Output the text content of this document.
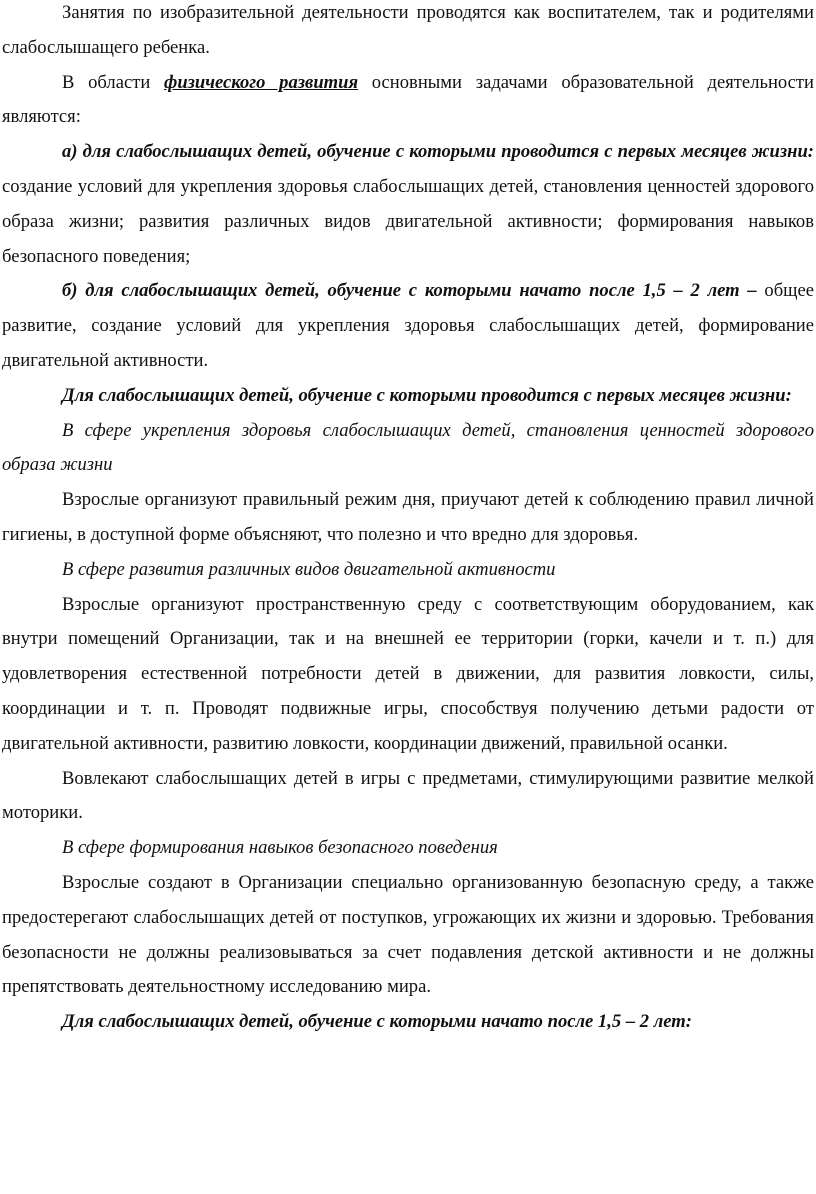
Занятия по изобразительной деятельности проводятся как воспитателем, так и родителями слабослышащего ребенка.

В области физического развития основными задачами образовательной деятельности являются:

а) для слабослышащих детей, обучение с которыми проводится с первых месяцев жизни: создание условий для укрепления здоровья слабослышащих детей, становления ценностей здорового образа жизни; развития различных видов двигательной активности; формирования навыков безопасного поведения;

б) для слабослышащих детей, обучение с которыми начато после 1,5 – 2 лет – общее развитие, создание условий для укрепления здоровья слабослышащих детей, формирование двигательной активности.

Для слабослышащих детей, обучение с которыми проводится с первых месяцев жизни:

В сфере укрепления здоровья слабослышащих детей, становления ценностей здорового образа жизни

Взрослые организуют правильный режим дня, приучают детей к соблюдению правил личной гигиены, в доступной форме объясняют, что полезно и что вредно для здоровья.

В сфере развития различных видов двигательной активности

Взрослые организуют пространственную среду с соответствующим оборудованием, как внутри помещений Организации, так и на внешней ее территории (горки, качели и т. п.) для удовлетворения естественной потребности детей в движении, для развития ловкости, силы, координации и т. п. Проводят подвижные игры, способствуя получению детьми радости от двигательной активности, развитию ловкости, координации движений, правильной осанки.

Вовлекают слабослышащих детей в игры с предметами, стимулирующими развитие мелкой моторики.

В сфере формирования навыков безопасного поведения

Взрослые создают в Организации специально организованную безопасную среду, а также предостерегают слабослышащих детей от поступков, угрожающих их жизни и здоровью. Требования безопасности не должны реализовываться за счет подавления детской активности и не должны препятствовать деятельностному исследованию мира.

Для слабослышащих детей, обучение с которыми начато после 1,5 – 2 лет:
